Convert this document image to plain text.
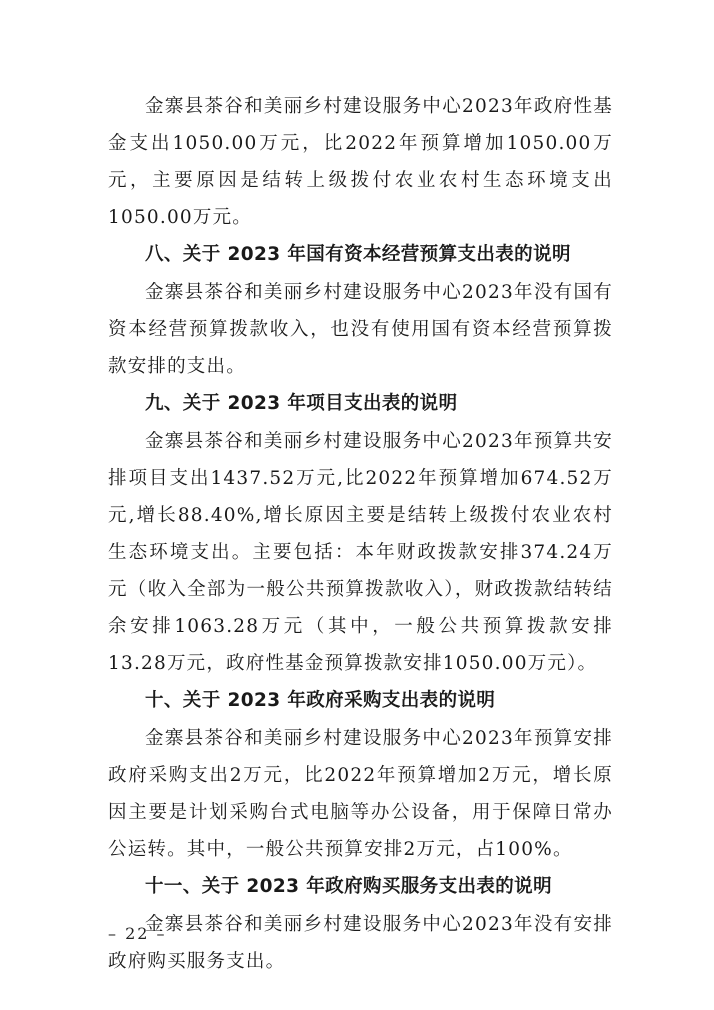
金寨县茶谷和美丽乡村建设服务中心2023年政府性基金支出1050.00万元，比2022年预算增加1050.00万元，主要原因是结转上级拨付农业农村生态环境支出1050.00万元。

八、关于 2023 年国有资本经营预算支出表的说明

金寨县茶谷和美丽乡村建设服务中心2023年没有国有资本经营预算拨款收入，也没有使用国有资本经营预算拨款安排的支出。

九、关于 2023 年项目支出表的说明

金寨县茶谷和美丽乡村建设服务中心2023年预算共安排项目支出1437.52万元,比2022年预算增加674.52万元,增长88.40%,增长原因主要是结转上级拨付农业农村生态环境支出。主要包括：本年财政拨款安排374.24万元（收入全部为一般公共预算拨款收入），财政拨款结转结余安排1063.28万元（其中，一般公共预算拨款安排13.28万元，政府性基金预算拨款安排1050.00万元）。

十、关于 2023 年政府采购支出表的说明

金寨县茶谷和美丽乡村建设服务中心2023年预算安排政府采购支出2万元，比2022年预算增加2万元，增长原因主要是计划采购台式电脑等办公设备，用于保障日常办公运转。其中，一般公共预算安排2万元，占100%。

十一、关于 2023 年政府购买服务支出表的说明

金寨县茶谷和美丽乡村建设服务中心2023年没有安排政府购买服务支出。

– 22 –
